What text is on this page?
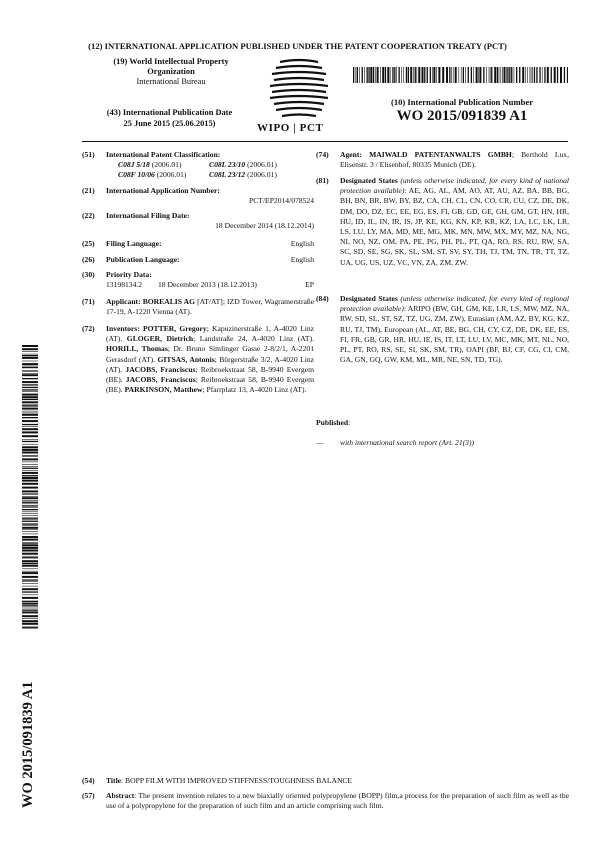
(12) INTERNATIONAL APPLICATION PUBLISHED UNDER THE PATENT COOPERATION TREATY (PCT)
(19) World Intellectual Property
Organization
International Bureau
(43) International Publication Date
25 June 2015 (25.06.2015)	WIPO | PCT
(10) International Publication Number
WO 2015/091839 A1
(51)	International Patent Classification:
C08J 5/18 (2006.01)	C08L 23/10 (2006.01)
C08F 10/06 (2006.01)	C08L 23/12 (2006.01)
(21)	International Application Number:
PCT/EP2014/078524
(22)	International Filing Date:
18 December 2014 (18.12.2014)
(25)	Filing Language:	English
(26)	Publication Language:	English
(30)	Priority Data:
13198134.2 18 December 2013 (18.12.2013)	EP
(71)	Applicant: BOREALIS AG [AT/AT]; IZD Tower, Wagramerstraße 17-19, A-1220 Vienna (AT).
(72)	Inventors: POTTER, Gregory; Kapuzinerstraße 1, A-4020 Linz (AT). GLOGER, Dietrich; Landstraße 24, A-4020 Linz (AT). HORILL, Thomas; Dr. Bruno Simlinger Gasse 2-8/2/1, A-2201 Gerasdorf (AT). GITSAS, Antonis; Bürgerstraße 3/2, A-4020 Linz (AT). JACOBS, Franciscus; Reibroekstraat 58, B-9940 Evergem (BE). JACOBS, Franciscus; Reibroekstraat 58, B-9940 Evergem (BE). PARKINSON, Matthew; Pfarrplatz 13, A-4020 Linz (AT).
(74)	Agent: MAIWALD PATENTANWALTS GMBH; Berthold Lux, Elisenstr. 3 / Elisenhof, 80335 Munich (DE).
(81)	Designated States (unless otherwise indicated, for every kind of national protection available): AE, AG, AL, AM, AO, AT, AU, AZ, BA, BB, BG, BH, BN, BR, BW, BY, BZ, CA, CH, CL, CN, CO, CR, CU, CZ, DE, DK, DM, DO, DZ, EC, EE, EG, ES, FI, GB, GD, GE, GH, GM, GT, HN, HR, HU, ID, IL, IN, IR, IS, JP, KE, KG, KN, KP, KR, KZ, LA, LC, LK, LR, LS, LU, LY, MA, MD, ME, MG, MK, MN, MW, MX, MY, MZ, NA, NG, NI, NO, NZ, OM, PA, PE, PG, PH, PL, PT, QA, RO, RS, RU, RW, SA, SC, SD, SE, SG, SK, SL, SM, ST, SV, SY, TH, TJ, TM, TN, TR, TT, TZ, UA, UG, US, UZ, VC, VN, ZA, ZM, ZW.
(84)	Designated States (unless otherwise indicated, for every kind of regional protection available): ARIPO (BW, GH, GM, KE, LR, LS, MW, MZ, NA, RW, SD, SL, ST, SZ, TZ, UG, ZM, ZW), Eurasian (AM, AZ, BY, KG, KZ, RU, TJ, TM), European (AL, AT, BE, BG, CH, CY, CZ, DE, DK, EE, ES, FI, FR, GB, GR, HR, HU, IE, IS, IT, LT, LU, LV, MC, MK, MT, NL, NO, PL, PT, RO, RS, SE, SI, SK, SM, TR), OAPI (BF, BJ, CF, CG, CI, CM, GA, GN, GQ, GW, KM, ML, MR, NE, SN, TD, TG).
Published:
— with international search report (Art. 21(3))
(54) Title: BOPP FILM WITH IMPROVED STIFFNESS/TOUGHNESS BALANCE
(57) Abstract: The present invention relates to a new biaxially oriented polypropylene (BOPP) film,a process for the preparation of such film as well as the use of a polypropylene for the preparation of such film and an article comprising such film.
WO 2015/091839 A1
